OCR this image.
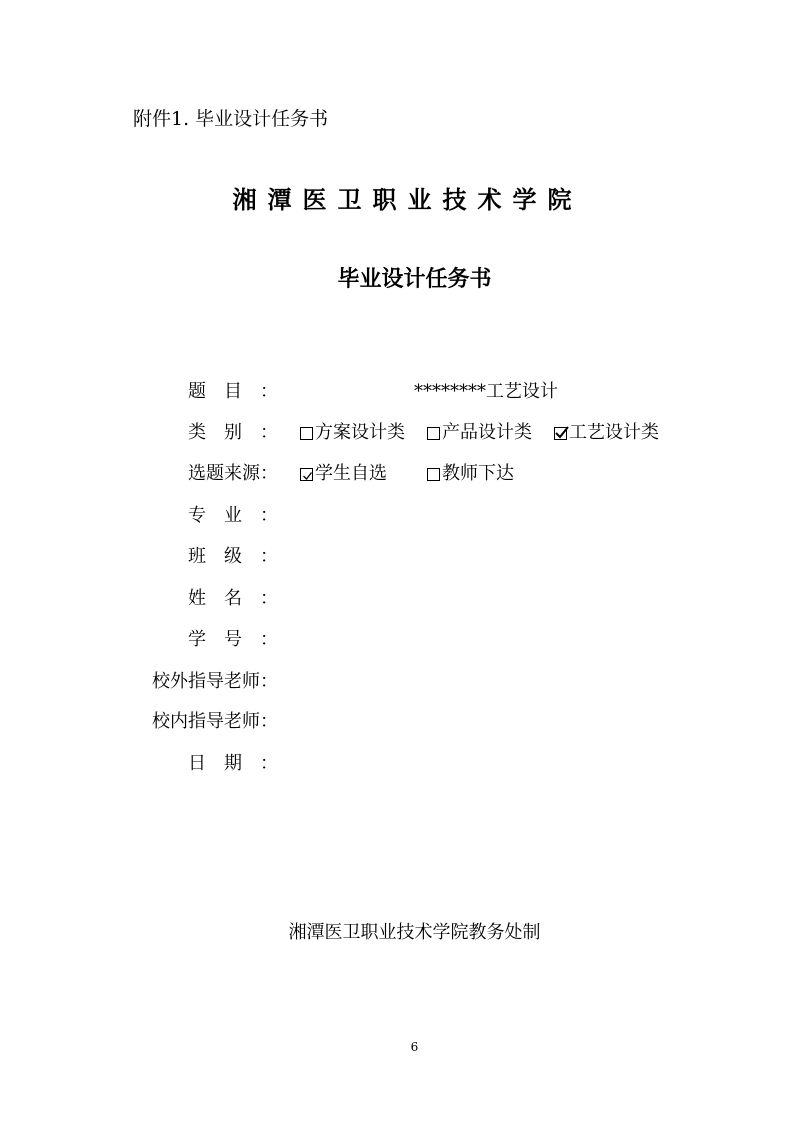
附件1. 毕业设计任务书
湘潭医卫职业技术学院
毕业设计任务书
题目：	********工艺设计
类别： 方案设计类 产品设计类 工艺设计类
选题来源： 学生自选	教师下达
专业：
班级：
姓名：
学号：
校外指导老师：
校内指导老师：
日期：
湘潭医卫职业技术学院教务处制
6
